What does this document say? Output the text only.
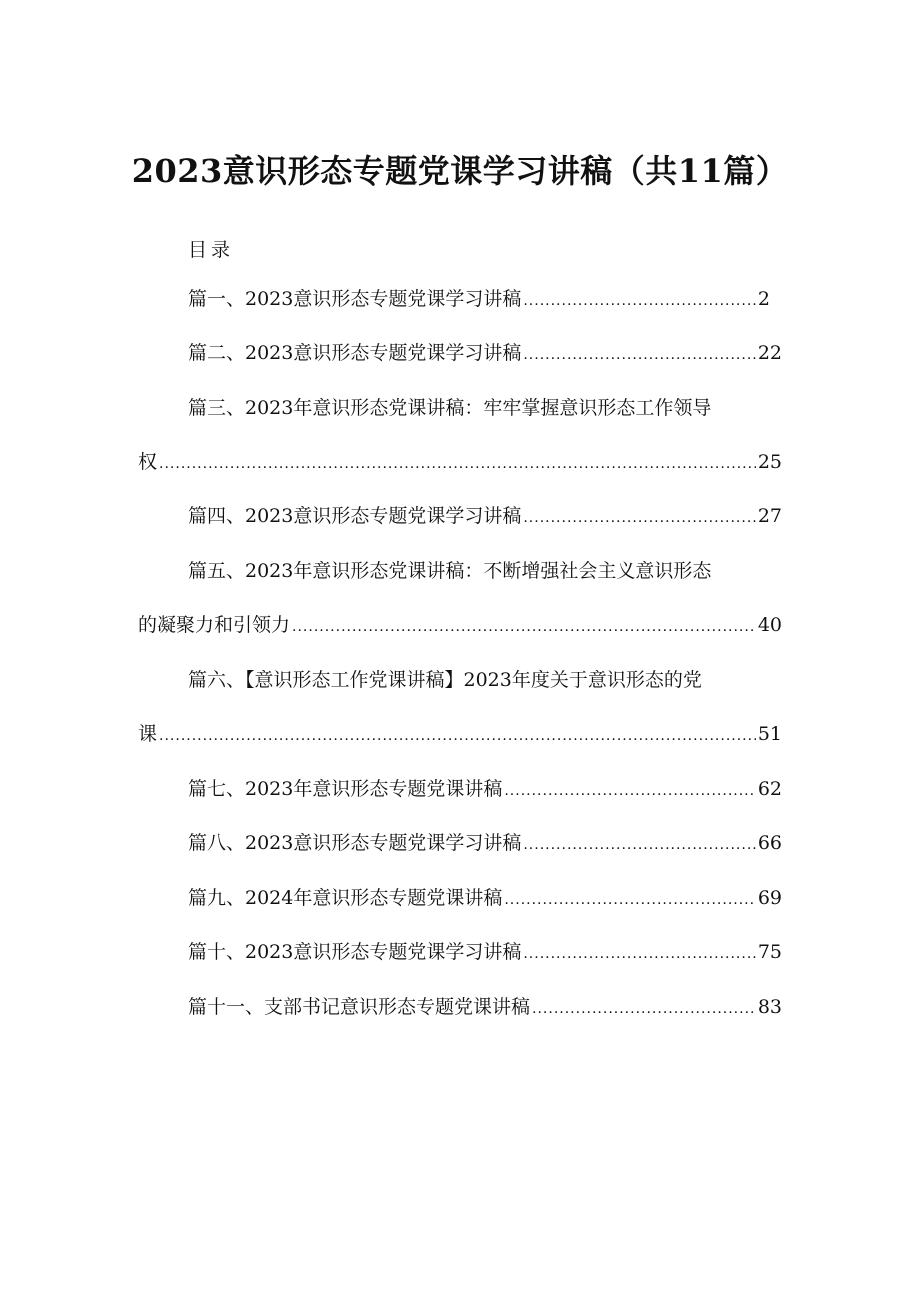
2023意识形态专题党课学习讲稿（共11篇）
目录
篇一、2023意识形态专题党课学习讲稿 .....	2
篇二、2023意识形态专题党课学习讲稿 .....	22
篇三、2023年意识形态党课讲稿：牢牢掌握意识形态工作领导
权 .....	25
篇四、2023意识形态专题党课学习讲稿 .....	27
篇五、2023年意识形态党课讲稿：不断增强社会主义意识形态
的凝聚力和引领力 .....	40
篇六、【意识形态工作党课讲稿】2023年度关于意识形态的党
课 .....	51
篇七、2023年意识形态专题党课讲稿 .....	62
篇八、2023意识形态专题党课学习讲稿 .....	66
篇九、2024年意识形态专题党课讲稿 .....	69
篇十、2023意识形态专题党课学习讲稿 .....	75
篇十一、支部书记意识形态专题党课讲稿 .....	83
